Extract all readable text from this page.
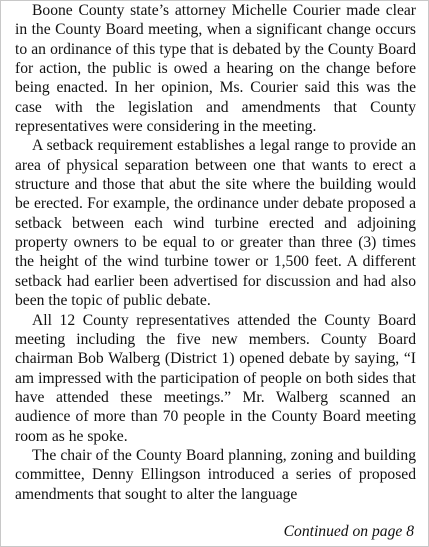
Boone County state’s attorney Michelle Courier made clear in the County Board meeting, when a significant change occurs to an ordinance of this type that is debated by the County Board for action, the public is owed a hearing on the change before being enacted. In her opinion, Ms. Courier said this was the case with the legislation and amendments that County representatives were considering in the meeting.

A setback requirement establishes a legal range to provide an area of physical separation between one that wants to erect a structure and those that abut the site where the building would be erected. For example, the ordinance under debate proposed a setback between each wind turbine erected and adjoining property owners to be equal to or greater than three (3) times the height of the wind turbine tower or 1,500 feet. A different setback had earlier been advertised for discussion and had also been the topic of public debate.

All 12 County representatives attended the County Board meeting including the five new members. County Board chairman Bob Walberg (District 1) opened debate by saying, “I am impressed with the participation of people on both sides that have attended these meetings.” Mr. Walberg scanned an audience of more than 70 people in the County Board meeting room as he spoke.

The chair of the County Board planning, zoning and building committee, Denny Ellingson introduced a series of proposed amendments that sought to alter the language

Continued on page 8
